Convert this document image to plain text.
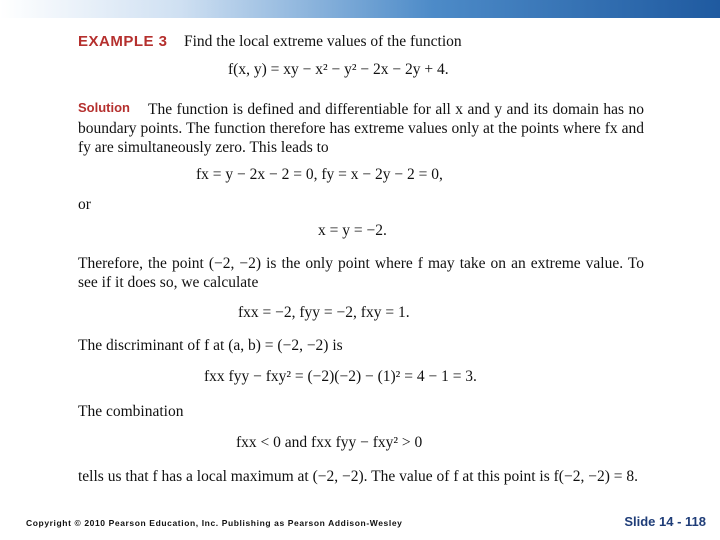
EXAMPLE 3 Find the local extreme values of the function
f(x, y) = xy − x² − y² − 2x − 2y + 4.
Solution	The function is defined and differentiable for all x and y and its domain has no boundary points. The function therefore has extreme values only at the points where fx and fy are simultaneously zero. This leads to
fx = y − 2x − 2 = 0, fy = x − 2y − 2 = 0,
or
x = y = −2.
Therefore, the point (−2, −2) is the only point where f may take on an extreme value. To see if it does so, we calculate
fxx = −2, fyy = −2, fxy = 1.
The discriminant of f at (a, b) = (−2, −2) is
fxx fyy − fxy² = (−2)(−2) − (1)² = 4 − 1 = 3.
The combination
fxx < 0 and fxx fyy − fxy² > 0
tells us that f has a local maximum at (−2, −2). The value of f at this point is f(−2, −2) = 8.
Copyright © 2010 Pearson Education, Inc. Publishing as Pearson Addison-Wesley	Slide 14 - 118
